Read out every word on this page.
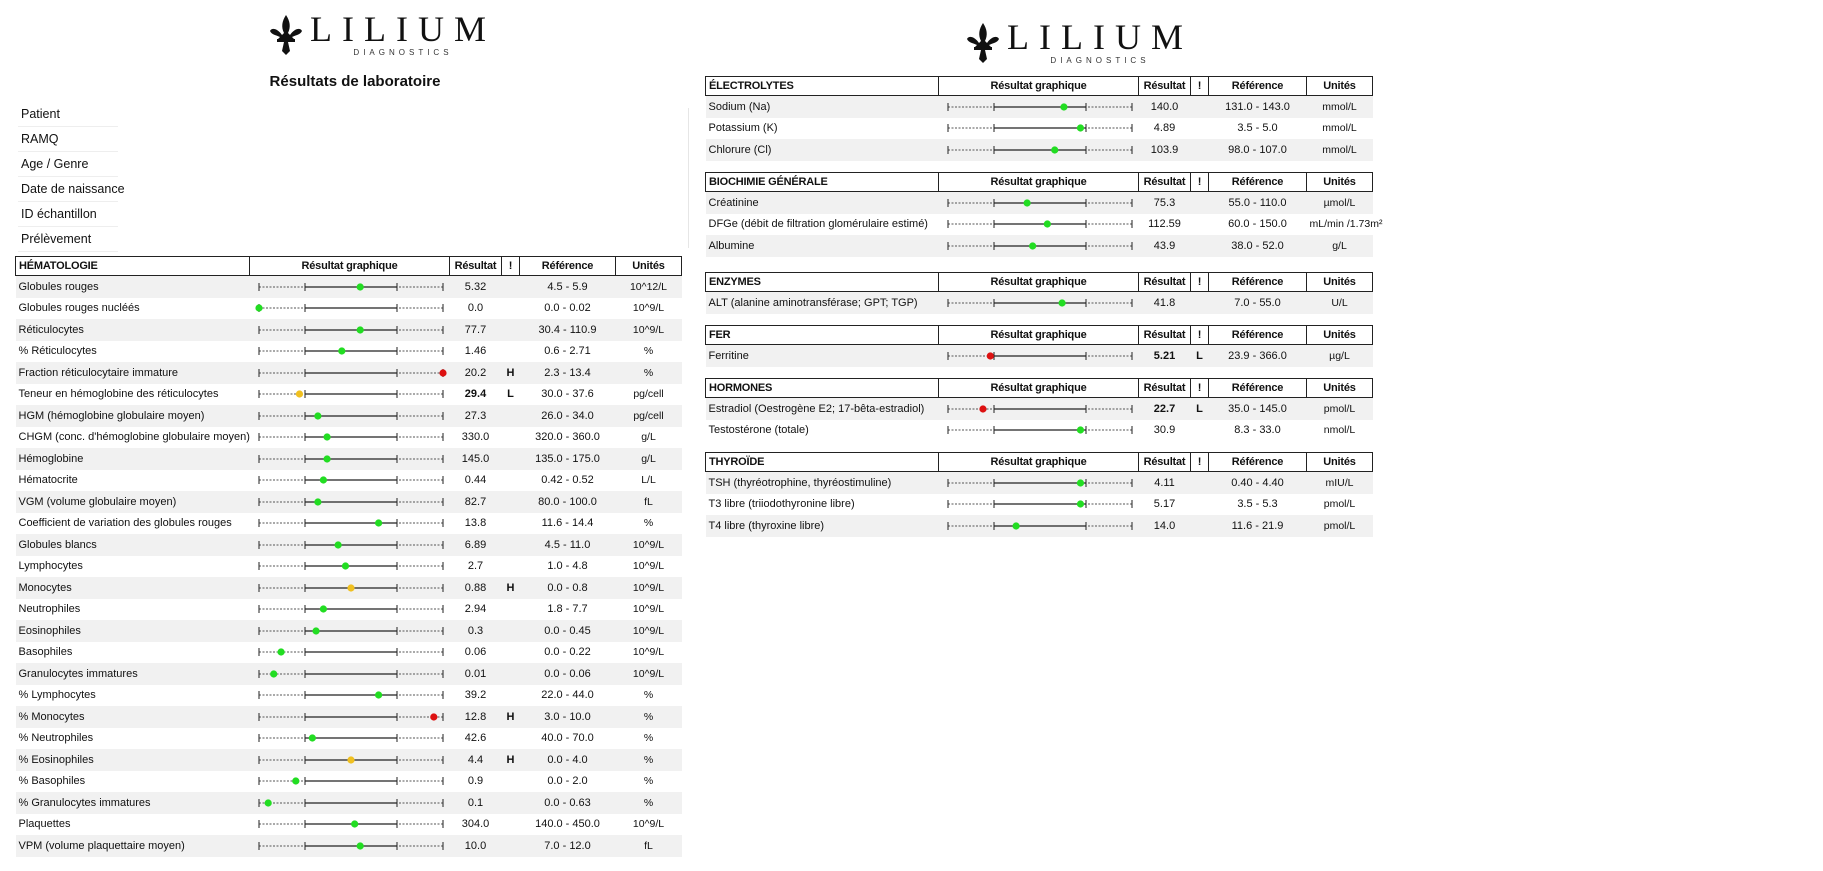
LILIUM
DIAGNOSTICS	LILIUM
DIAGNOSTICS
Résultats de laboratoire
Patient
RAMQ
Age / Genre
Date de naissance
ID échantillon
Prélèvement
HÉMATOLOGIE	Résultat graphique	Résultat	!	Référence	Unités
Globules rouges		5.32		4.5 - 5.9	10^12/L
Globules rouges nucléés		0.0		0.0 - 0.02	10^9/L
Réticulocytes		77.7		30.4 - 110.9	10^9/L
% Réticulocytes		1.46		0.6 - 2.71	%
Fraction réticulocytaire immature		20.2	H	2.3 - 13.4	%
Teneur en hémoglobine des réticulocytes		29.4	L	30.0 - 37.6	pg/cell
HGM (hémoglobine globulaire moyen)		27.3		26.0 - 34.0	pg/cell
CHGM (conc. d'hémoglobine globulaire moyen)		330.0		320.0 - 360.0	g/L
Hémoglobine		145.0		135.0 - 175.0	g/L
Hématocrite		0.44		0.42 - 0.52	L/L
VGM (volume globulaire moyen)		82.7		80.0 - 100.0	fL
Coefficient de variation des globules rouges		13.8		11.6 - 14.4	%
Globules blancs		6.89		4.5 - 11.0	10^9/L
Lymphocytes		2.7		1.0 - 4.8	10^9/L
Monocytes		0.88	H	0.0 - 0.8	10^9/L
Neutrophiles		2.94		1.8 - 7.7	10^9/L
Eosinophiles		0.3		0.0 - 0.45	10^9/L
Basophiles		0.06		0.0 - 0.22	10^9/L
Granulocytes immatures		0.01		0.0 - 0.06	10^9/L
% Lymphocytes		39.2		22.0 - 44.0	%
% Monocytes		12.8	H	3.0 - 10.0	%
% Neutrophiles		42.6		40.0 - 70.0	%
% Eosinophiles		4.4	H	0.0 - 4.0	%
% Basophiles		0.9		0.0 - 2.0	%
% Granulocytes immatures		0.1		0.0 - 0.63	%
Plaquettes		304.0		140.0 - 450.0	10^9/L
VPM (volume plaquettaire moyen)		10.0		7.0 - 12.0	fL
ÉLECTROLYTES	Résultat graphique	Résultat	!	Référence	Unités
Sodium (Na)		140.0		131.0 - 143.0	mmol/L
Potassium (K)		4.89		3.5 - 5.0	mmol/L
Chlorure (Cl)		103.9		98.0 - 107.0	mmol/L
BIOCHIMIE GÉNÉRALE	Résultat graphique	Résultat	!	Référence	Unités
Créatinine		75.3		55.0 - 110.0	µmol/L
DFGe (débit de filtration glomérulaire estimé)		112.59		60.0 - 150.0	mL/min /1.73m²
Albumine		43.9		38.0 - 52.0	g/L
ENZYMES	Résultat graphique	Résultat	!	Référence	Unités
ALT (alanine aminotransférase; GPT; TGP)		41.8		7.0 - 55.0	U/L
FER	Résultat graphique	Résultat	!	Référence	Unités
Ferritine		5.21	L	23.9 - 366.0	µg/L
HORMONES	Résultat graphique	Résultat	!	Référence	Unités
Estradiol (Oestrogène E2; 17-bêta-estradiol)		22.7	L	35.0 - 145.0	pmol/L
Testostérone (totale)		30.9		8.3 - 33.0	nmol/L
THYROÏDE	Résultat graphique	Résultat	!	Référence	Unités
TSH (thyréotrophine, thyréostimuline)		4.11		0.40 - 4.40	mIU/L
T3 libre (triiodothyronine libre)		5.17		3.5 - 5.3	pmol/L
T4 libre (thyroxine libre)		14.0		11.6 - 21.9	pmol/L
